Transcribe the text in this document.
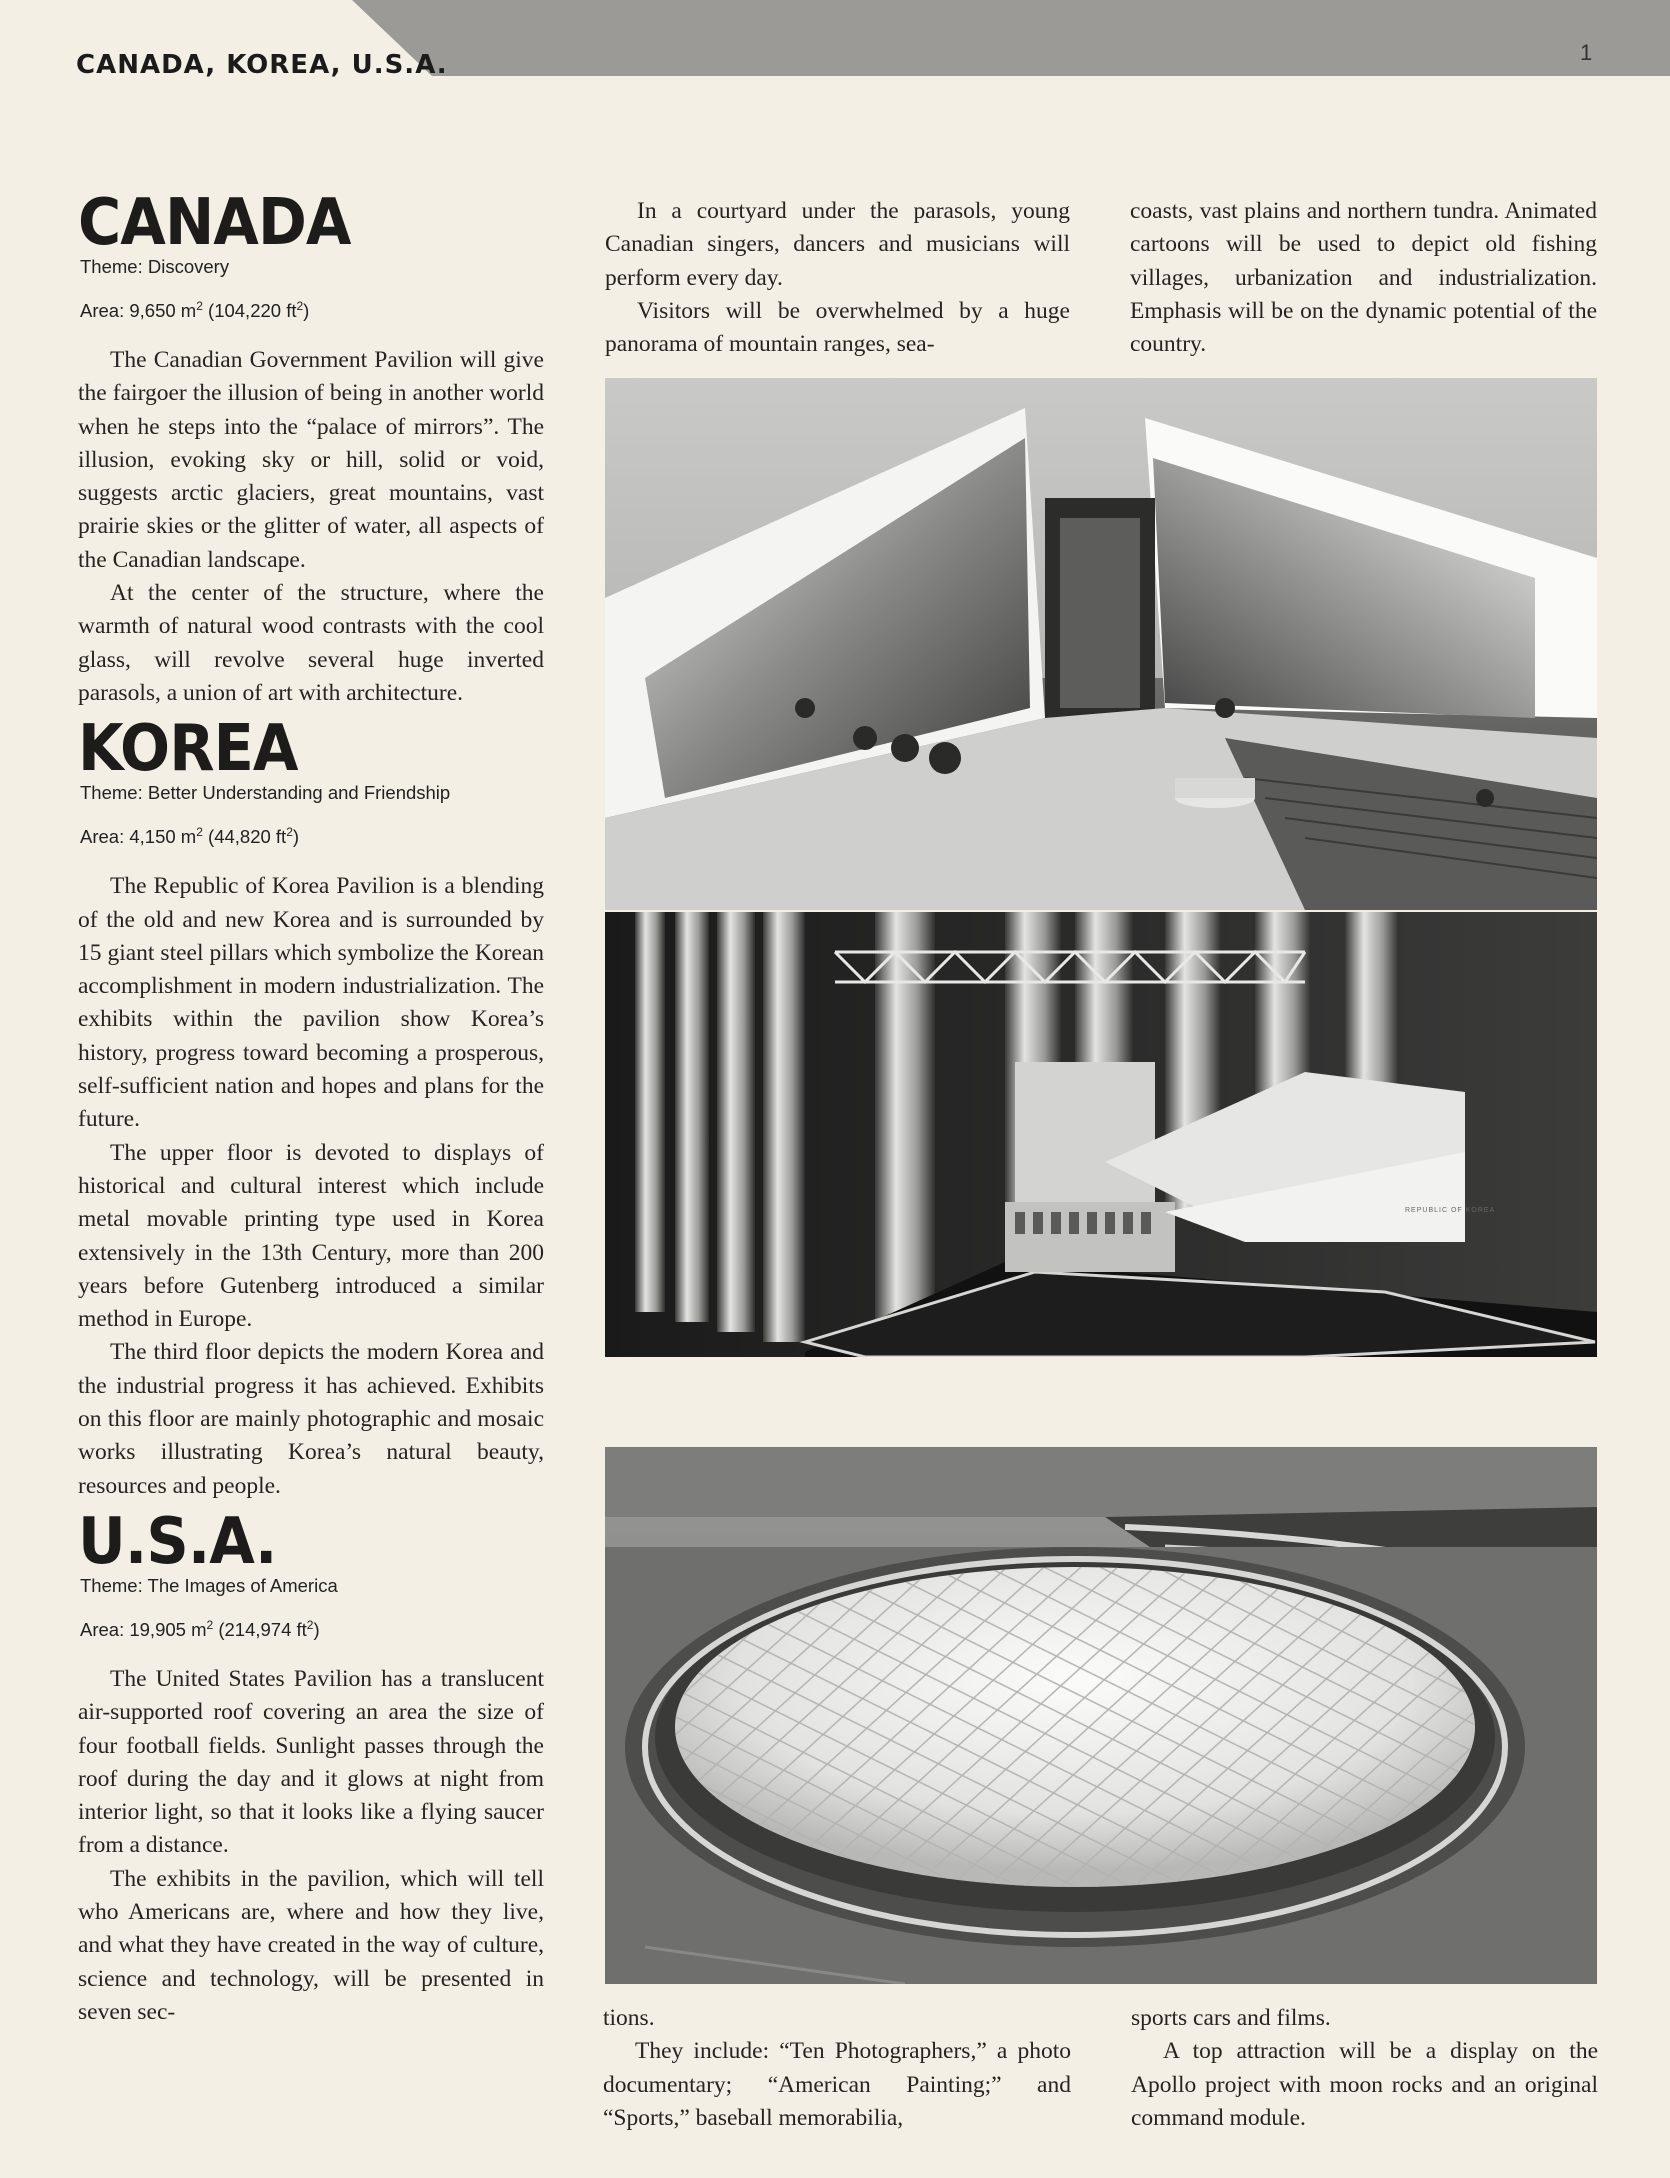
CANADA, KOREA, U.S.A.	1
CANADA
Theme: Discovery
Area: 9,650 $m^2$ (104,220 $ft^2$)

The Canadian Government Pavilion will give the fairgoer the illusion of being in another world when he steps into the “palace of mirrors”. The illusion, evoking sky or hill, solid or void, suggests arctic glaciers, great mountains, vast prairie skies or the glitter of water, all aspects of the Canadian landscape.

At the center of the structure, where the warmth of natural wood contrasts with the cool glass, will revolve several huge inverted parasols, a union of art with architecture.

KOREA
Theme: Better Understanding and Friendship
Area: 4,150 $m^2$ (44,820 $ft^2$)

The Republic of Korea Pavilion is a blending of the old and new Korea and is surrounded by 15 giant steel pillars which symbolize the Korean accomplishment in modern industrialization. The exhibits within the pavilion show Korea’s history, progress toward becoming a prosperous, self-sufficient nation and hopes and plans for the future.

The upper floor is devoted to displays of historical and cultural interest which include metal movable printing type used in Korea extensively in the 13th Century, more than 200 years before Gutenberg introduced a similar method in Europe.

The third floor depicts the modern Korea and the industrial progress it has achieved. Exhibits on this floor are mainly photographic and mosaic works illustrating Korea’s natural beauty, resources and people.

U.S.A.
Theme: The Images of America
Area: 19,905 $m^2$ (214,974 $ft^2$)

The United States Pavilion has a translucent air-supported roof covering an area the size of four football fields. Sunlight passes through the roof during the day and it glows at night from interior light, so that it looks like a flying saucer from a distance.

The exhibits in the pavilion, which will tell who Americans are, where and how they live, and what they have created in the way of culture, science and technology, will be presented in seven sec-

In a courtyard under the parasols, young Canadian singers, dancers and musicians will perform every day.

Visitors will be overwhelmed by a huge panorama of mountain ranges, sea-

coasts, vast plains and northern tundra. Animated cartoons will be used to depict old fishing villages, urbanization and industrialization. Emphasis will be on the dynamic potential of the country.

REPUBLIC OF KOREA

tions.

They include: “Ten Photographers,” a photo documentary; “American Painting;” and “Sports,” baseball memorabilia,

sports cars and films.

A top attraction will be a display on the Apollo project with moon rocks and an original command module.
